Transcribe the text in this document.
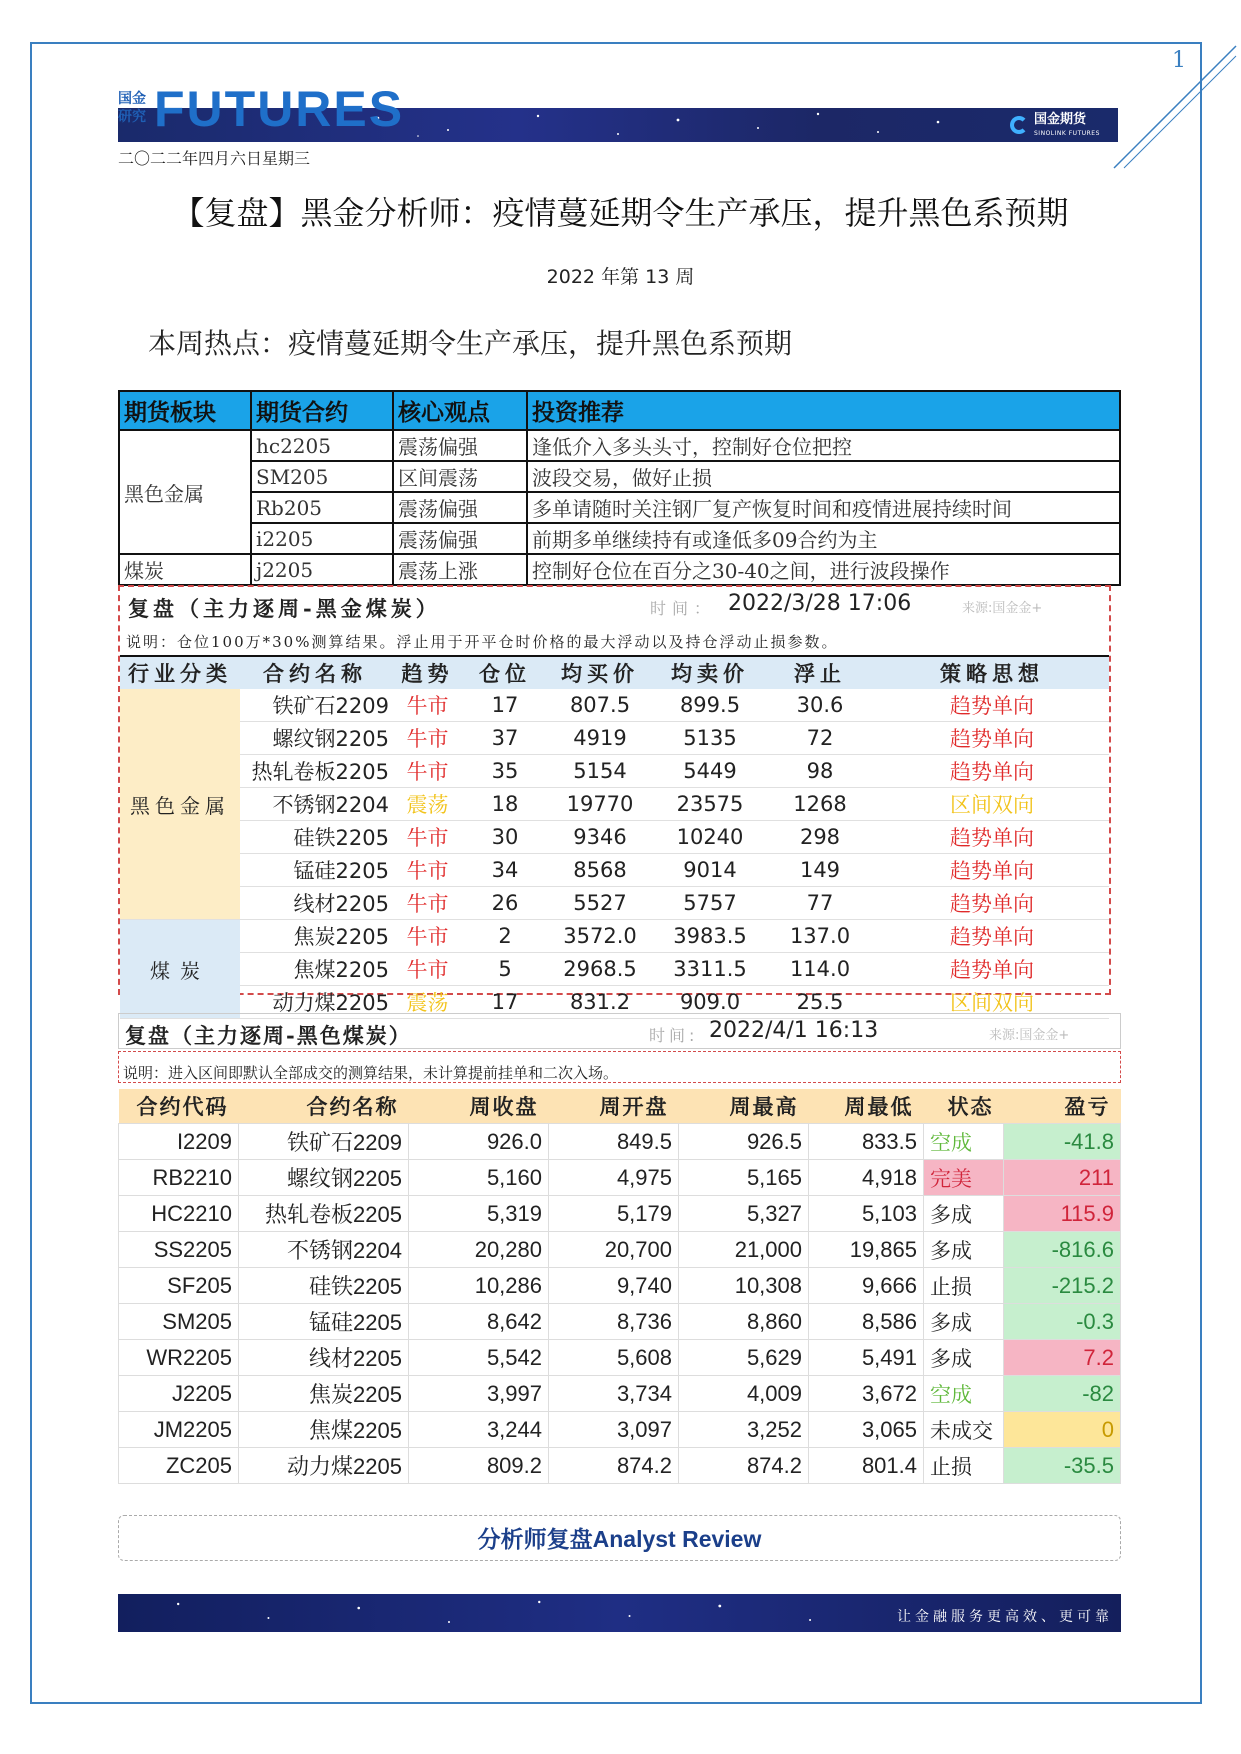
1
国金
研究 FUTURES	国金期货
SINOLINK FUTURES
二〇二二年四月六日星期三
【复盘】黑金分析师：疫情蔓延期令生产承压，提升黑色系预期
2022 年第 13 周
本周热点：疫情蔓延期令生产承压，提升黑色系预期
期货板块	期货合约	核心观点	投资推荐
黑色金属	hc2205	震荡偏强	逢低介入多头头寸，控制好仓位把控
	SM205	区间震荡	波段交易，做好止损
	Rb205	震荡偏强	多单请随时关注钢厂复产恢复时间和疫情进展持续时间
	i2205	震荡偏强	前期多单继续持有或逢低多09合约为主
煤炭	j2205	震荡上涨	控制好仓位在百分之30-40之间，进行波段操作
复盘（主力逐周-黑金煤炭）	时间： 2022/3/28 17:06	来源:国金金+
说明：仓位100万*30%测算结果。浮止用于开平仓时价格的最大浮动以及持仓浮动止损参数。
行业分类	合约名称	趋势	仓位	均买价	均卖价	浮止	策略思想
黑色金属	铁矿石2209	牛市	17	807.5	899.5	30.6	趋势单向
	螺纹钢2205	牛市	37	4919	5135	72	趋势单向
	热轧卷板2205	牛市	35	5154	5449	98	趋势单向
	不锈钢2204	震荡	18	19770	23575	1268	区间双向
	硅铁2205	牛市	30	9346	10240	298	趋势单向
	锰硅2205	牛市	34	8568	9014	149	趋势单向
	线材2205	牛市	26	5527	5757	77	趋势单向
煤炭	焦炭2205	牛市	2	3572.0	3983.5	137.0	趋势单向
	焦煤2205	牛市	5	2968.5	3311.5	114.0	趋势单向
	动力煤2205	震荡	17	831.2	909.0	25.5	区间双向
复盘（主力逐周-黑色煤炭）	时间: 2022/4/1 16:13	来源:国金金+
说明：进入区间即默认全部成交的测算结果，未计算提前挂单和二次入场。
合约代码	合约名称	周收盘	周开盘	周最高	周最低	状态	盈亏
I2209	铁矿石2209	926.0	849.5	926.5	833.5	空成	-41.8
RB2210	螺纹钢2205	5,160	4,975	5,165	4,918	完美	211
HC2210	热轧卷板2205	5,319	5,179	5,327	5,103	多成	115.9
SS2205	不锈钢2204	20,280	20,700	21,000	19,865	多成	-816.6
SF205	硅铁2205	10,286	9,740	10,308	9,666	止损	-215.2
SM205	锰硅2205	8,642	8,736	8,860	8,586	多成	-0.3
WR2205	线材2205	5,542	5,608	5,629	5,491	多成	7.2
J2205	焦炭2205	3,997	3,734	4,009	3,672	空成	-82
JM2205	焦煤2205	3,244	3,097	3,252	3,065	未成交	0
ZC205	动力煤2205	809.2	874.2	874.2	801.4	止损	-35.5
分析师复盘Analyst Review
让金融服务更高效、更可靠
